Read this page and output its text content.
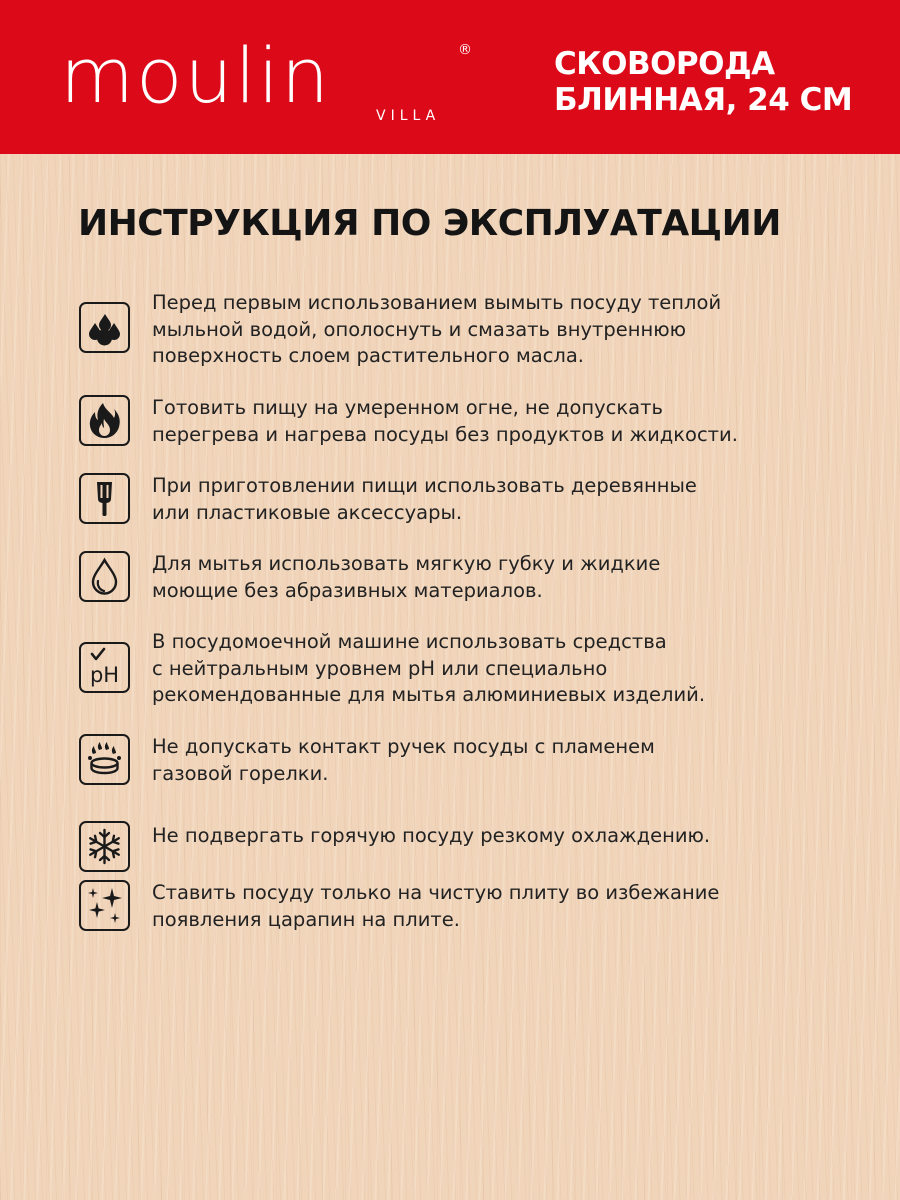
moulin	®
VILLA
СКОВОРОДА
БЛИННАЯ, 24 СМ
ИНСТРУКЦИЯ ПО ЭКСПЛУАТАЦИИ
Перед первым использованием вымыть посуду теплой
мыльной водой, ополоснуть и смазать внутреннюю
поверхность слоем растительного масла.
Готовить пищу на умеренном огне, не допускать
перегрева и нагрева посуды без продуктов и жидкости.
При приготовлении пищи использовать деревянные
или пластиковые аксессуары.
Для мытья использовать мягкую губку и жидкие
моющие без абразивных материалов.
pH
В посудомоечной машине использовать средства
с нейтральным уровнем pH или специально
рекомендованные для мытья алюминиевых изделий.
Не допускать контакт ручек посуды с пламенем
газовой горелки.
Не подвергать горячую посуду резкому охлаждению.
Ставить посуду только на чистую плиту во избежание
появления царапин на плите.
